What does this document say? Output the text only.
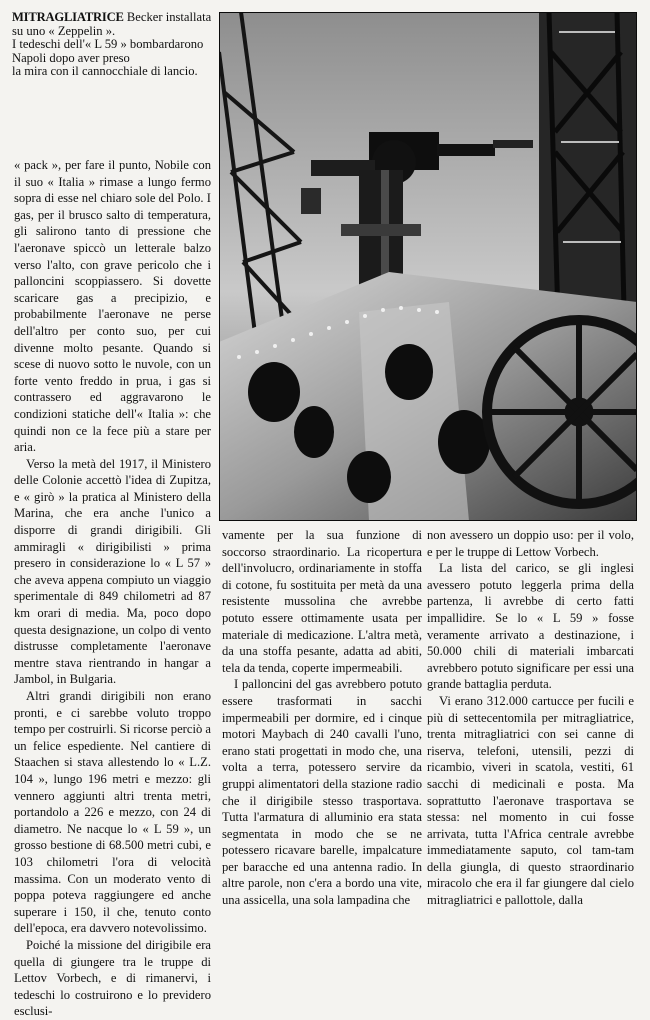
MITRAGLIATRICE Becker installata
su uno « Zeppelin ».
I tedeschi dell'« L 59 » bombardarono
Napoli dopo aver preso
la mira con il cannocchiale di lancio.

« pack », per fare il punto, Nobile con il suo « Italia » rimase a lungo fermo sopra di esse nel chiaro sole del Polo. I gas, per il brusco salto di temperatura, gli salirono tanto di pressione che l'aeronave spiccò un letterale balzo verso l'alto, con grave pericolo che i palloncini scoppiassero. Si dovette scaricare gas a precipizio, e probabilmente l'aeronave ne perse dell'altro per conto suo, per cui divenne molto pesante. Quando si scese di nuovo sotto le nuvole, con un forte vento freddo in prua, i gas si contrassero ed aggravarono le condizioni statiche dell'« Italia »: che quindi non ce la fece più a stare per aria.

Verso la metà del 1917, il Ministero delle Colonie accettò l'idea di Zupitza, e « girò » la pratica al Ministero della Marina, che era anche l'unico a disporre di grandi dirigibili. Gli ammiragli « dirigibilisti » prima presero in considerazione lo « L 57 » che aveva appena compiuto un viaggio sperimentale di 849 chilometri ad 87 km orari di media. Ma, poco dopo questa designazione, un colpo di vento distrusse completamente l'aeronave mentre stava rientrando in hangar a Jambol, in Bulgaria.

Altri grandi dirigibili non erano pronti, e ci sarebbe voluto troppo tempo per costruirli. Si ricorse perciò a un felice espediente. Nel cantiere di Staachen si stava allestendo lo « L.Z. 104 », lungo 196 metri e mezzo: gli vennero aggiunti altri trenta metri, portandolo a 226 e mezzo, con 24 di diametro. Ne nacque lo « L 59 », un grosso bestione di 68.500 metri cubi, e 103 chilometri l'ora di velocità massima. Con un moderato vento di poppa poteva raggiungere ed anche superare i 150, il che, tenuto conto dell'epoca, era davvero notevolissimo.

Poiché la missione del dirigibile era quella di giungere tra le truppe di Lettov Vorbech, e di rimanervi, i tedeschi lo costruirono e lo previdero esclusi-

vamente per la sua funzione di soccorso straordinario. La ricopertura dell'involucro, ordinariamente in stoffa di cotone, fu sostituita per metà da una resistente mussolina che avrebbe potuto essere ottimamente usata per materiale di medicazione. L'altra metà, da una stoffa pesante, adatta ad abiti, tela da tenda, coperte impermeabili.

I palloncini del gas avrebbero potuto essere trasformati in sacchi impermeabili per dormire, ed i cinque motori Maybach di 240 cavalli l'uno, erano stati progettati in modo che, una volta a terra, potessero servire da gruppi alimentatori della stazione radio che il dirigibile stesso trasportava. Tutta l'armatura di alluminio era stata segmentata in modo che se ne potessero ricavare barelle, impalcature per baracche ed una antenna radio. In altre parole, non c'era a bordo una vite, una assicella, una sola lampadina che

non avessero un doppio uso: per il volo, e per le truppe di Lettow Vorbech.

La lista del carico, se gli inglesi avessero potuto leggerla prima della partenza, li avrebbe di certo fatti impallidire. Se lo « L 59 » fosse veramente arrivato a destinazione, i 50.000 chili di materiali imbarcati avrebbero potuto significare per essi una grande battaglia perduta.

Vi erano 312.000 cartucce per fucili e più di settecentomila per mitragliatrice, trenta mitragliatrici con sei canne di riserva, telefoni, utensili, pezzi di ricambio, viveri in scatola, vestiti, 61 sacchi di medicinali e posta. Ma soprattutto l'aeronave trasportava se stessa: nel momento in cui fosse arrivata, tutta l'Africa centrale avrebbe immediatamente saputo, col tam-tam della giungla, di questo straordinario miracolo che era il far giungere dal cielo mitragliatrici e pallottole, dalla
